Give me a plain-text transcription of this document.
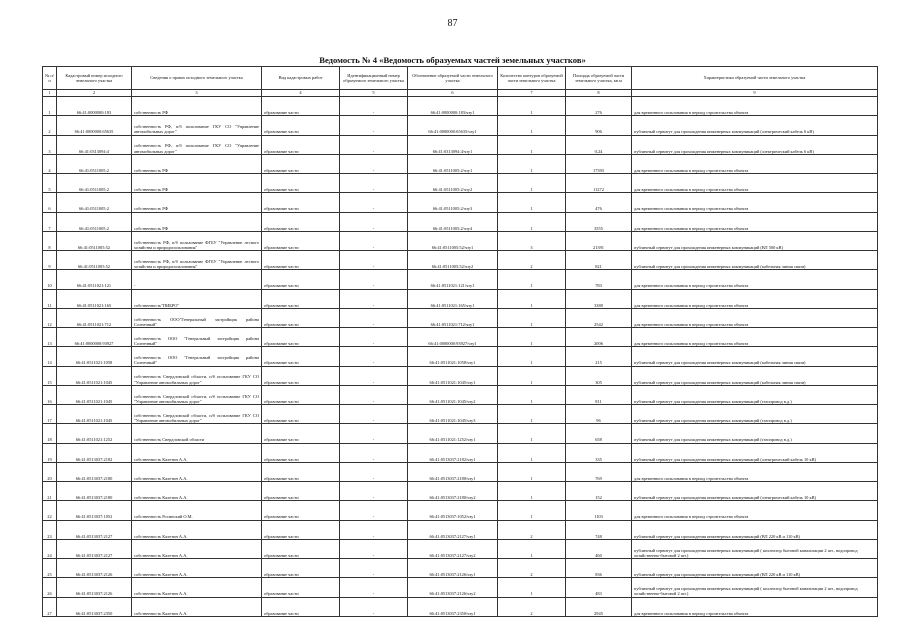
87
Ведомость № 4 «Ведомость образуемых частей земельных участков»
№ п/п	Кадастровый номер исходного земельного участка	Сведения о правах исходного земельного участка	Вид кадастровых работ	Идентификационный номер образуемого земельного участка	Обозначение образуемой части земельного участка	Количество контуров образуемой части земельного участка	Площадь образуемой части земельного участка, кв.м	Характеристика образуемой части земельного участка
1	2	3	4	5	6	7	8	9
1	66:41:0000000:183	собственность РФ	образование части	-	66:41:0000000:183/чзу1	1	276	для временного пользования в период строительства объекта
2	66:41:0000000:65635	собственность РФ, п/б пользование ГКУ СО "Управление автомобильных дорог"	образование части	-	66:41:0000000:65635/чзу1	1	906	публичный сервитут для прохождения инженерных коммуникаций (электрический кабель 6 кВ)
3	66:41:0313094:4	собственность РФ, п/б пользование ГКУ СО "Управление автомобильных дорог"	образование части	-	66:41:0313094:4/чзу1	1	0,24	публичный сервитут для прохождения инженерных коммуникаций (электрический кабель 6 кВ)
4	66:41:0511005:2	собственность РФ	образование части	-	66:41:0511005:2/чзу1	1	17393	для временного пользования в период строительства объекта
5	66:41:0511005:2	собственность РФ	образование части	-	66:41:0511005:2/чзу2	1	11272	для временного пользования в период строительства объекта
6	66:41:0511005:2	собственность РФ	образование части	-	66:41:0511005:2/чзу3	1	476	для временного пользования в период строительства объекта
7	66:41:0511005:2	собственность РФ	образование части	-	66:41:0511005:2/чзу4	1	3555	для временного пользования в период строительства объекта
8	66:41:0511005:52	собственность РФ, п/б пользование ФГБУ "Управление лесного хозяйства и природопользования"	образование части	-	66:41:0511005:52/чзу1	3	21391	публичный сервитут для прохождения инженерных коммуникаций (ВЛ 500 кВ)
9	66:41:0511005:52	собственность РФ, п/б пользование ФГБУ "Управление лесного хозяйства и природопользования"	образование части	-	66:41:0511005:52/чзу2	2	821	публичный сервитут для прохождения инженерных коммуникаций (кабельная линия связи)
10	66:41:0511021:121	-	образование части	-	66:41:0511021:121/чзу1	1	783	для временного пользования в период строительства объекта
11	66:41:0511021:165	собственность"ПИБРО"	образование части	-	66:41:0511021:165/чзу1	1	3380	для временного пользования в период строительства объекта
12	66:41:0511021:712	собственность ООО"Генеральный застройщик района Солнечный"	образование части	-	66:41:0511021:712/чзу1	1	2542	для временного пользования в период строительства объекта
13	66:41:0000000:93927	собственность ООО "Генеральный застройщик района Солнечный"	образование части	-	66:41:0000000:93927/чзу1	1	2006	для временного пользования в период строительства объекта
14	66:41:0511021:1058	собственность ООО "Генеральный застройщик района Солнечный"	образование части	-	66:41:0511021:1058/чзу1	1	215	публичный сервитут для прохождения инженерных коммуникаций (кабельная линия связи)
15	66:41:0511021:1045	собственность Свердловской области, п/б пользование ГКУ СО "Управление автомобильных дорог"	образование части	-	66:41:0511021:1045/чзу1	1	305	публичный сервитут для прохождения инженерных коммуникаций (кабельная линия связи)
16	66:41:0511021:1045	собственность Свердловской области, п/б пользование ГКУ СО "Управление автомобильных дорог"	образование части	-	66:41:0511021:1045/чзу2	1	811	публичный сервитут для прохождения инженерных коммуникаций (газопровод в.д.)
17	66:41:0511021:1045	собственность Свердловской области, п/б пользование ГКУ СО "Управление автомобильных дорог"	образование части	-	66:41:0511021:1045/чзу3	1	96	публичный сервитут для прохождения инженерных коммуникаций (газопровод в.д.)
18	66:41:0511021:1252	собственность Свердловской области	образование части	-	66:41:0511021:1252/чзу1	1	658	публичный сервитут для прохождения инженерных коммуникаций (газопровод в.д.)
19	66:41:0513037:2182	собственность Калетин А.А.	образование части	-	66:41:0513037:2182/чзу1	1	335	публичный сервитут для прохождения инженерных коммуникаций (электрический кабель 10 кВ)
20	66:41:0513037:2180	собственность Калетин А.А.	образование части	-	66:41:0513037:2180/чзу1	1	769	для временного пользования в период строительства объекта
21	66:41:0513037:2180	собственность Калетин А.А.	образование части	-	66:41:0513037:2180/чзу2	1	152	публичный сервитут для прохождения инженерных коммуникаций (электрический кабель 10 кВ)
22	66:41:0513037:1052	собственность Росинский О.М.	образование части	-	66:41:0513037:1052/чзу1	1	1103	для временного пользования в период строительства объекта
23	66:41:0513037:2127	собственность Калетин А.А.	образование части	-	66:41:0513037:2127/чзу1	2	748	публичный сервитут для прохождения инженерных коммуникаций (ВЛ 220 кВ и 110 кВ)
24	66:41:0513037:2127	собственность Калетин А.А.	образование части	-	66:41:0513037:2127/чзу2	1	460	публичный сервитут для прохождения инженерных коммуникаций ( коллектор бытовой канализации 2 шт., водопровод хозяйственно-бытовой 2 шт.)
25	66:41:0513037:2126	собственность Калетин А.А.	образование части	-	66:41:0513037:2126/чзу1	2	836	публичный сервитут для прохождения инженерных коммуникаций (ВЛ 220 кВ и 110 кВ)
26	66:41:0513037:2126	собственность Калетин А.А.	образование части	-	66:41:0513037:2126/чзу2	1	483	публичный сервитут для прохождения инженерных коммуникаций ( коллектор бытовой канализации 2 шт., водопровод хозяйственно-бытовой 2 шт.)
27	66:41:0513037:2350	собственность Калетин А.А.	образование части	-	66:41:0513037:2350/чзу1	2	2945	для временного пользования в период строительства объекта
